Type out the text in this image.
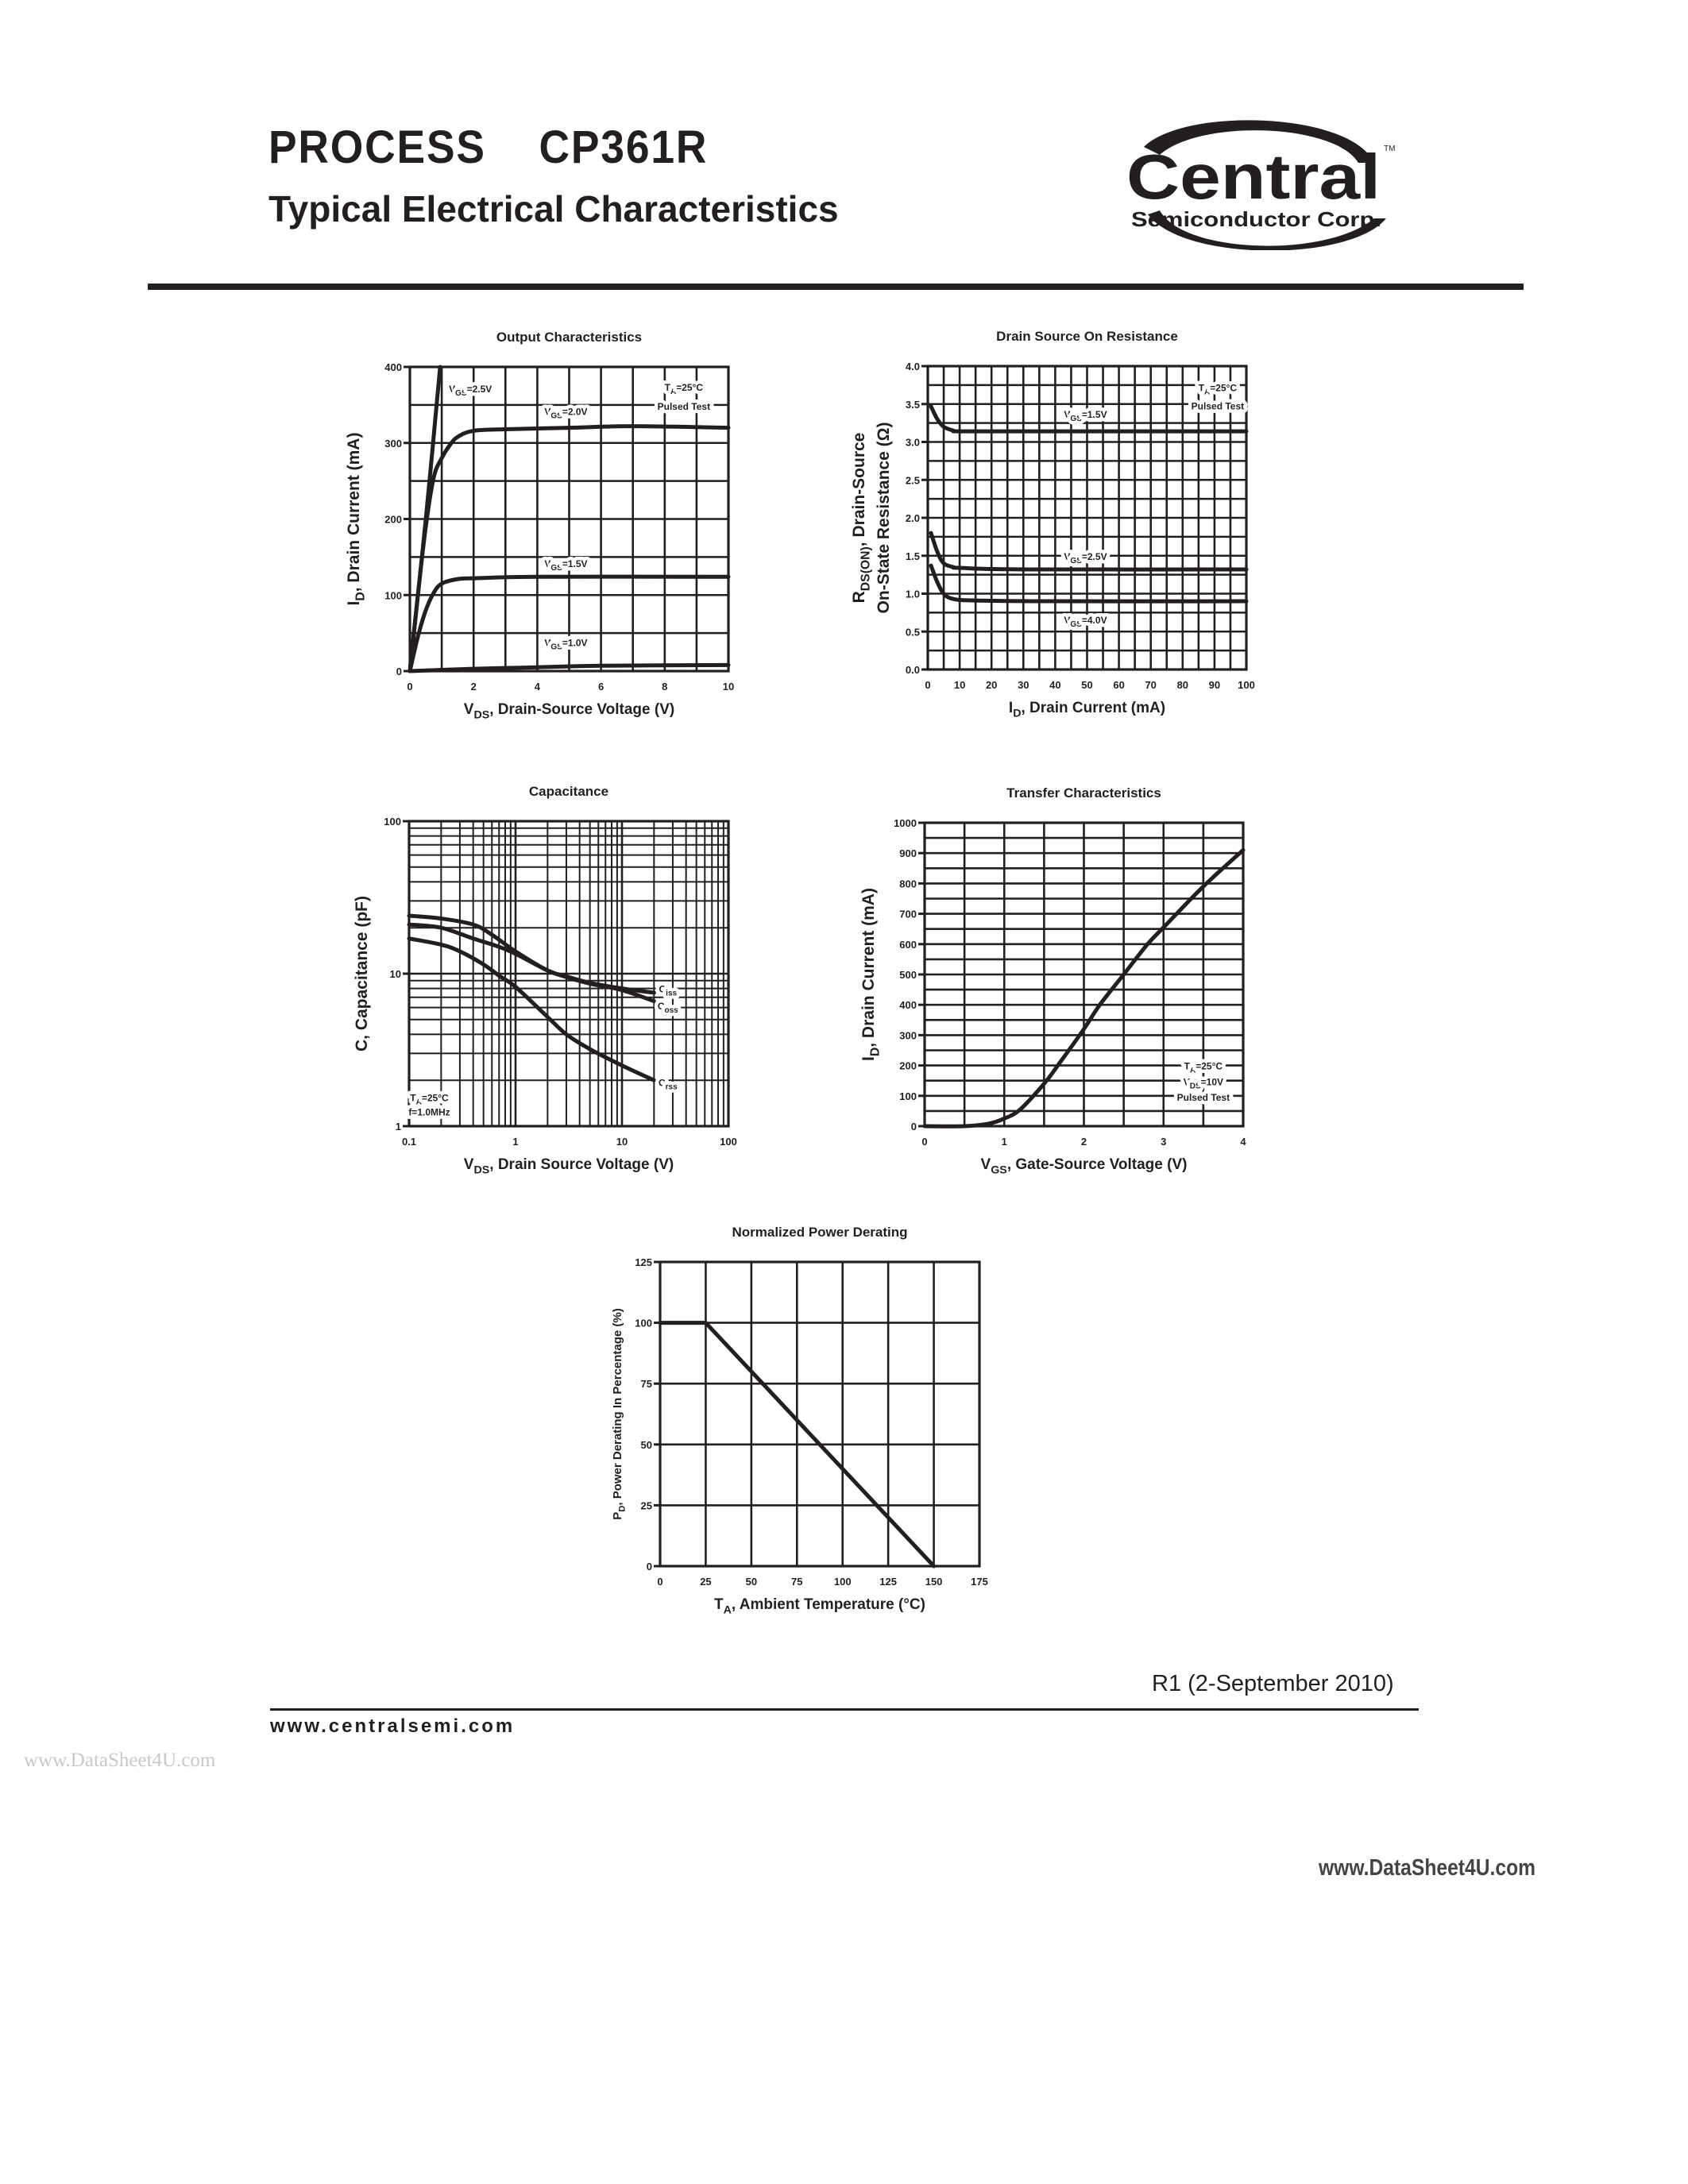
PROCESS CP361R
Typical Electrical Characteristics	Central TM
Semiconductor Corp.
$V_{GS}=2.5V$
$V_{GS}=2.0V$
$V_{GS}=1.5V$
$V_{GS}=1.0V$
$T_A=25^\circ C$
Pulsed Test
0	2	4	6	8	10
0
100
200
300
400
Output Characteristics
$V_{DS}$, Drain-Source Voltage (V)
$I_D$, Drain Current (mA)
$V_{GS}=1.5V$
$V_{GS}=2.5V$
$V_{GS}=4.0V$
$T_A=25^\circ C$
Pulsed Test
0 10 20 30 40 50 60 70 80 90 100
0.0
0.5
1.0
1.5
2.0
2.5
3.0
3.5
4.0
Drain Source On Resistance
$I_D$, Drain Current (mA)
$R_{DS(ON)}$, Drain-Source On-State Resistance (Ω)
$C_{iss}$
$C_{oss}$
$C_{rss}$
$T_A=25^\circ C$
f=1.0MHz
0.1	1	10	100
1
10
100
Capacitance
$V_{DS}$, Drain Source Voltage (V)
C, Capacitance (pF)
$T_A=25^\circ C$
$V_{DS}=10V$
Pulsed Test
0	1	2	3	4
0
100
200
300
400
500
600
700
800
900
1000
Transfer Characteristics
$V_{GS}$, Gate-Source Voltage (V)
$I_D$, Drain Current (mA)
0	25	50	75	100	125	150	175
0
25
50
75
100
125
Normalized Power Derating
$T_A$, Ambient Temperature (°C)
$P_D$, Power Derating In Percentage (%)
R1 (2-September 2010)
www.centralsemi.com
www.DataSheet4U.com
www.DataSheet4U.com
